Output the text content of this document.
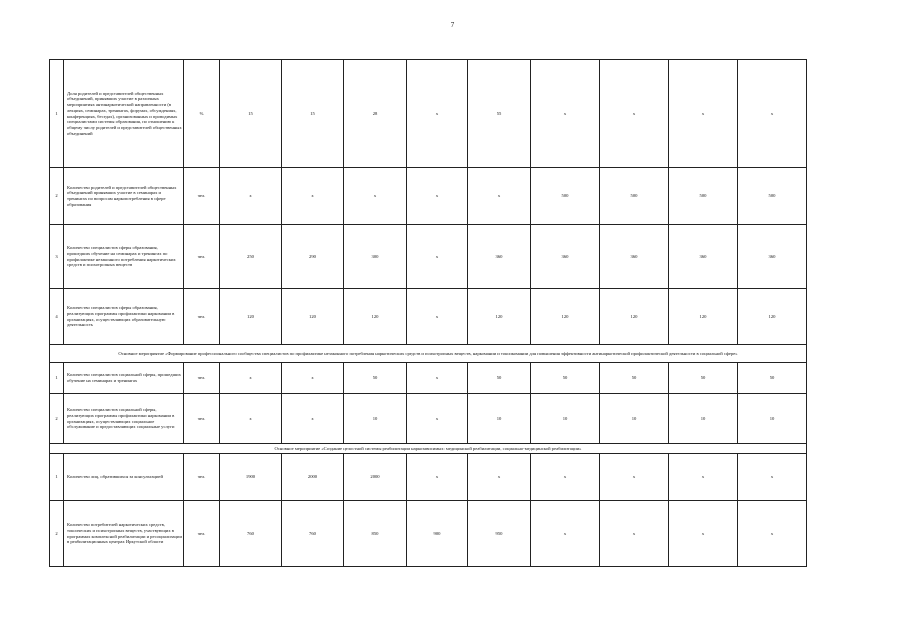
7
1	Доля родителей и представителей общественных объединений, принявших участие в различных мероприятиях антинаркотической направленности (в лекциях, семинарах, тренингах, форумах, обсуждениях, конференциях, беседах), организованных и проводимых специалистами системы образования, по отношению к общему числу родителей и представителей общественных объединений	%	15	15	28	x	55	x	x	x	x
2	Количество родителей и представителей общественных объединений принявших участие в семинарах и тренингах по вопросам наркопотребления в сфере образования	чел.	x	x	x	x	x	500	500	500	500
3	Количество специалистов сферы образования, прошедших обучение на семинарах и тренингах по профилактике незаконного потребления наркотических средств и психотропных веществ	чел.	250	290	300	x	360	360	360	360	360
4	Количество специалистов сферы образования, реализующих программы профилактики наркомании в организациях, осуществляющих образовательную деятельность	чел.	120	120	120	x	120	120	120	120	120
Основное мероприятие «Формирование профессионального сообщества специалистов по профилактике незаконного потребления наркотических средств и психотропных веществ, наркомании и токсикомании для повышения эффективности антинаркотической профилактической деятельности в социальной сфере»											
1	Количество специалистов социальной сферы, прошедших обучение на семинарах и тренингах	чел.	x	x	50	x	50	50	50	50	50
2	Количество специалистов социальной сферы, реализующих программы профилактики наркомании в организациях, осуществляющих социальное обслуживание и предоставляющих социальные услуги	чел.	x	x	10	x	10	10	10	10	10
Основное мероприятие «Создание целостной системы реабилитации наркозависимых: медицинской реабилитации, социально-медицинской реабилитации»											
1	Количество лиц, обратившихся за консультацией	чел.	1900	2000	2000	x	x	x	x	x	x
2	Количество потребителей наркотических средств, токсических и психотропных веществ, участвующих в программах комплексной реабилитации и ресоциализации в реабилитационных центрах Иркутской области	чел.	760	760	850	900	950	x	x	x	x
